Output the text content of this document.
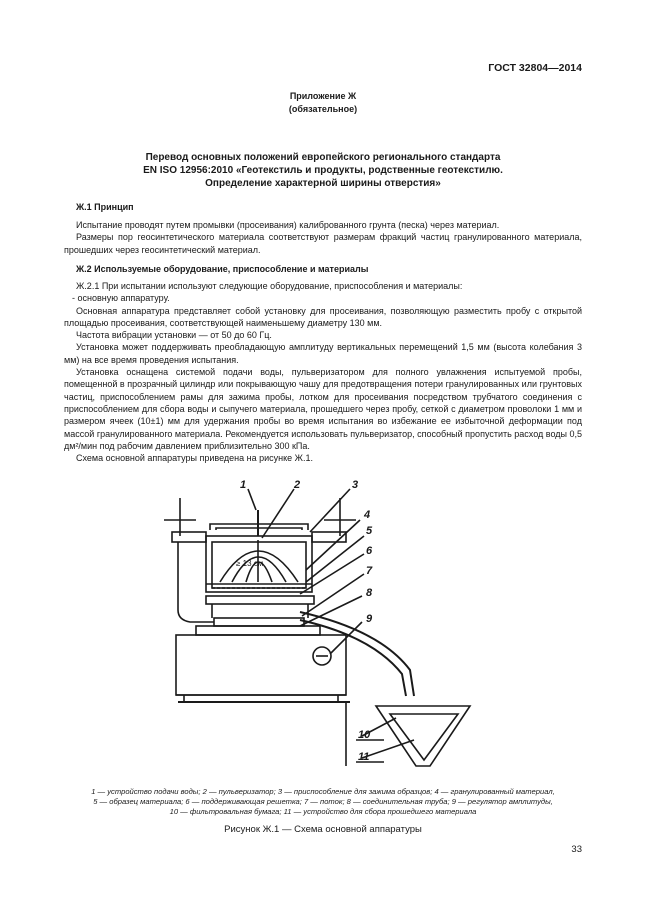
ГОСТ 32804—2014
Приложение Ж
(обязательное)
Перевод основных положений европейского регионального стандарта
EN ISO 12956:2010 «Геотекстиль и продукты, родственные геотекстилю.
Определение характерной ширины отверстия»
Ж.1 Принцип

Испытание проводят путем промывки (просеивания) калиброванного грунта (песка) через материал.

Размеры пор геосинтетического материала соответствуют размерам фракций частиц гранулированного материала, прошедших через геосинтетический материал.

Ж.2 Используемые оборудование, приспособление и материалы

Ж.2.1 При испытании используют следующие оборудование, приспособления и материалы:

- основную аппаратуру.

Основная аппаратура представляет собой установку для просеивания, позволяющую разместить пробу с открытой площадью просеивания, соответствующей наименьшему диаметру 130 мм.

Частота вибрации установки — от 50 до 60 Гц.

Установка может поддерживать преобладающую амплитуду вертикальных перемещений 1,5 мм (высота колебания 3 мм) на все время проведения испытания.

Установка оснащена системой подачи воды, пульверизатором для полного увлажнения испытуемой пробы, помещенной в прозрачный цилиндр или покрывающую чашу для предотвращения потери гранулированных или грунтовых частиц, приспособлением рамы для зажима пробы, лотком для просеивания посредством трубчатого соединения с приспособлением для сбора воды и сыпучего материала, прошедшего через пробу, сеткой с диаметром проволоки 1 мм и размером ячеек (10±1) мм для удержания пробы во время испытания во избежание ее избыточной деформации под массой гранулированного материала. Рекомендуется использовать пульверизатор, способный пропустить расход воды 0,5 дм²/мин под рабочим давлением приблизительно 300 кПа.

Схема основной аппаратуры приведена на рисунке Ж.1.

1	2	3
4
5
6
7
8
9
10
11
≥ 13 см
1 — устройство подачи воды; 2 — пульверизатор; 3 — приспособление для зажима образцов; 4 — гранулированный материал,
5 — образец материала; 6 — поддерживающая решетка; 7 — поток; 8 — соединительная труба; 9 — регулятор амплитуды,
10 — фильтровальная бумага; 11 — устройство для сбора прошедшего материала
Рисунок Ж.1 — Схема основной аппаратуры
33
